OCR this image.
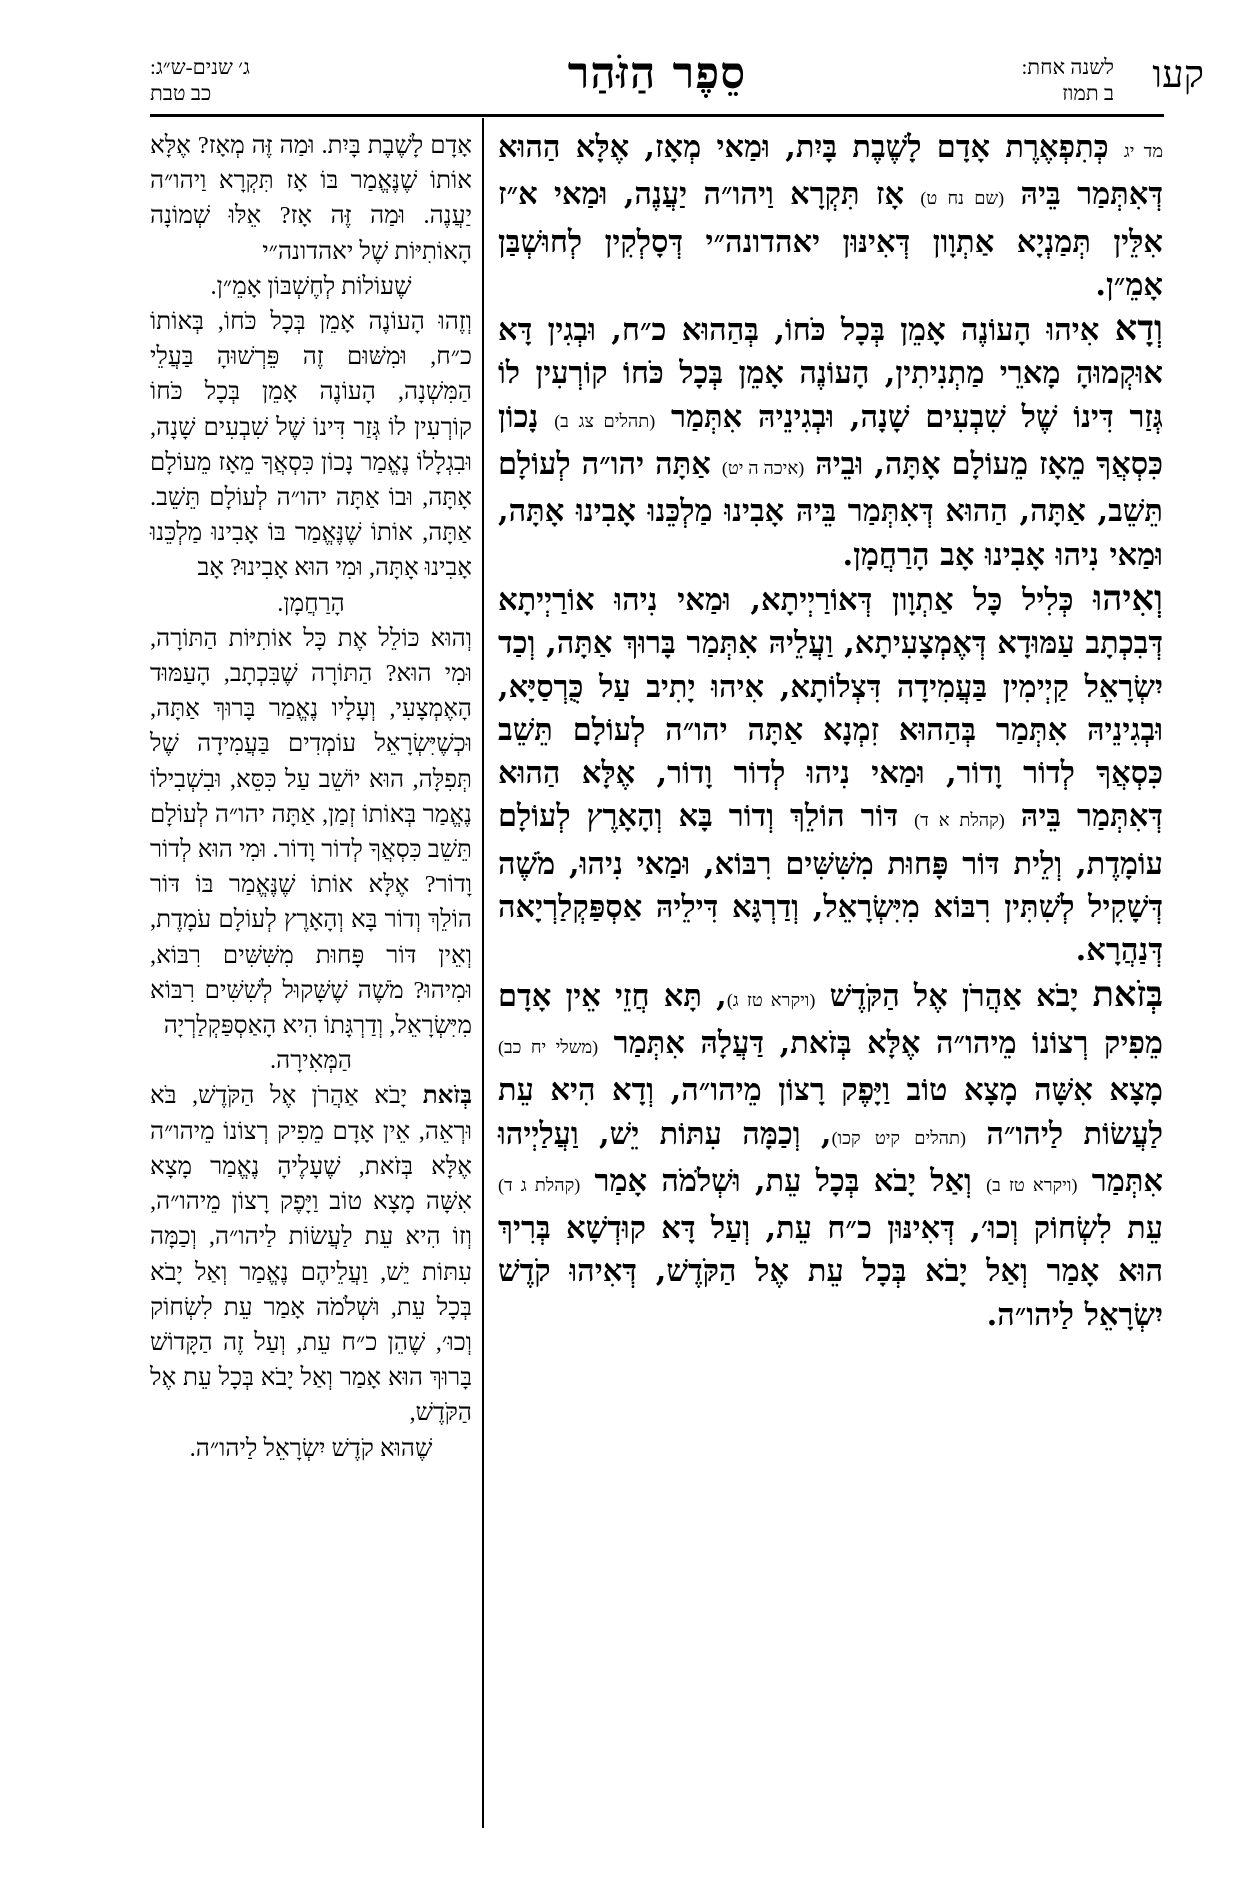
קעו
לשנה אחת:
ב תמוז
סֵפֶר הַזֹּהַר
ג׳ שנים-ש״ג:
כב טבת

מד יג כְּתִפְאֶרֶת אָדָם לָשֶׁבֶת בָּיִת, וּמַאי מְאָז, אֶלָּא הַהוּא דְּאִתְּמַר בֵּיהּ (שם נח ט) אָז תִּקְרָא וַיהו״ה יַעֲנֶה, וּמַאי א״ז אִלֵּין תְּמַנְיָא אַתְוָון דְּאִינּוּן יאהדונה״י דְּסָלְקִין לְחוּשְׁבַּן אָמֵ״ן.

וְדָא אִיהוּ הָעוֹנֶה אָמֵן בְּכָל כֹּחוֹ, בְּהַהוּא כ״ח, וּבְגִין דָּא אוּקְמוּהָ מָארֵי מַתְנִיתִין, הָעוֹנֶה אָמֵן בְּכָל כֹּחוֹ קוֹרְעִין לוֹ גְּזַר דִּינוֹ שֶׁל שִׁבְעִים שָׁנָה, וּבְגִינֵיהּ אִתְּמַר (תהלים צג ב) נָכוֹן כִּסְאֲךָ מֵאָז מֵעוֹלָם אָתָּה, וּבֵיהּ (איכה ה יט) אַתָּה יהו״ה לְעוֹלָם תֵּשֵׁב, אַתָּה, הַהוּא דְּאִתְּמַר בֵּיהּ אָבִינוּ מַלְכֵּנוּ אָבִינוּ אָתָּה, וּמַאי נִיהוּ אָבִינוּ אָב הָרַחֲמָן.

וְאִיהוּ כְּלִיל כָּל אַתְוָון דְּאוֹרַיְיתָא, וּמַאי נִיהוּ אוֹרַיְיתָא דְּבִכְתָב עַמּוּדָא דְּאֶמְצָעִיתָא, וַעֲלֵיהּ אִתְּמַר בָּרוּךְ אַתָּה, וְכַד יִשְׂרָאֵל קַיְימִין בַּעֲמִידָה דִּצְלוֹתָא, אִיהוּ יָתִיב עַל כֻּרְסַיָּא, וּבְגִינֵיהּ אִתְּמַר בְּהַהוּא זִמְנָא אַתָּה יהו״ה לְעוֹלָם תֵּשֵׁב כִּסְאֲךָ לְדוֹר וָדוֹר, וּמַאי נִיהוּ לְדוֹר וָדוֹר, אֶלָּא הַהוּא דְּאִתְּמַר בֵּיהּ (קהלת א ד) דּוֹר הוֹלֵךְ וְדוֹר בָּא וְהָאָרֶץ לְעוֹלָם עוֹמָדֶת, וְלֵית דּוֹר פָּחוּת מִשִּׁשִּׁים רִבּוֹא, וּמַאי נִיהוּ, מֹשֶׁה דְּשָׁקִיל לְשִׁתִּין רִבּוֹא מִיִּשְׂרָאֵל, וְדַרְגָּא דִּילֵיהּ אַסְפַּקְלַרְיָאה דְּנַהֲרָא.

בְּזֹאת יָבֹא אַהֲרֹן אֶל הַקֹּדֶשׁ (ויקרא טז ג), תָּא חֲזֵי אֵין אָדָם מֵפִיק רְצוֹנוֹ מֵיהו״ה אֶלָּא בְּזֹאת, דַּעֲלָהּ אִתְּמַר (משלי יח כב) מָצָא אִשָּׁה מָצָא טוֹב וַיָּפֶק רָצוֹן מֵיהו״ה, וְדָא הִיא עֵת לַעֲשׂוֹת לַיהו״ה (תהלים קיט קכו), וְכַמָּה עִתּוֹת יֵשׁ, וַעֲלַיְיהוּ אִתְּמַר (ויקרא טז ב) וְאַל יָבֹא בְּכָל עֵת, וּשְׁלֹמֹה אָמַר (קהלת ג ד) עֵת לִשְׂחוֹק וְכוּ׳, דְּאִינּוּן כ״ח עֵת, וְעַל דָּא קוּדְשָׁא בְּרִיךְ הוּא אָמַר וְאַל יָבֹא בְּכָל עֵת אֶל הַקֹּדֶשׁ, דְּאִיהוּ קֹדֶשׁ יִשְׂרָאֵל לַיהו״ה.

אָדָם לָשֶׁבֶת בָּיִת. וּמַה זֶּה מְאָז? אֶלָּא אוֹתוֹ שֶׁנֶּאֱמַר בּוֹ אָז תִּקְרָא וַיהו״ה יַעֲנֶה. וּמַה זֶּה אָז? אֵלּוּ שְׁמוֹנָה הָאוֹתִיּוֹת שֶׁל יאהדונה״י

שֶׁעוֹלוֹת לְחֶשְׁבּוֹן אָמֵ״ן.

וְזֶהוּ הָעוֹנֶה אָמֵן בְּכָל כֹּחוֹ, בְּאוֹתוֹ כ״ח, וּמִשּׁוּם זֶה פֵּרְשׁוּהָ בַּעֲלֵי הַמִּשְׁנָה, הָעוֹנֶה אָמֵן בְּכָל כֹּחוֹ קוֹרְעִין לוֹ גְּזַר דִּינוֹ שֶׁל שִׁבְעִים שָׁנָה, וּבִגְלָלוֹ נֶאֱמַר נָכוֹן כִּסְאֲךָ מֵאָז מֵעוֹלָם אָתָּה, וּבוֹ אַתָּה יהו״ה לְעוֹלָם תֵּשֵׁב. אַתָּה, אוֹתוֹ שֶׁנֶּאֱמַר בּוֹ אָבִינוּ מַלְכֵּנוּ אָבִינוּ אָתָּה, וּמִי הוּא אָבִינוּ? אָב

הָרַחֲמָן.

וְהוּא כּוֹלֵל אֶת כָּל אוֹתִיּוֹת הַתּוֹרָה, וּמִי הוּא? הַתּוֹרָה שֶׁבִּכְתָב, הָעַמּוּד הָאֶמְצָעִי, וְעָלָיו נֶאֱמַר בָּרוּךְ אַתָּה, וּכְשֶׁיִּשְׂרָאֵל עוֹמְדִים בַּעֲמִידָה שֶׁל תְּפִלָּה, הוּא יוֹשֵׁב עַל כִּסֵּא, וּבִשְׁבִילוֹ נֶאֱמַר בְּאוֹתוֹ זְמַן, אַתָּה יהו״ה לְעוֹלָם תֵּשֵׁב כִּסְאֲךָ לְדוֹר וָדוֹר. וּמִי הוּא לְדוֹר וָדוֹר? אֶלָּא אוֹתוֹ שֶׁנֶּאֱמַר בּוֹ דּוֹר הוֹלֵךְ וְדוֹר בָּא וְהָאָרֶץ לְעוֹלָם עֹמָדֶת, וְאֵין דּוֹר פָּחוּת מִשִּׁשִּׁים רִבּוֹא, וּמִיהוּ? מֹשֶׁה שֶׁשָּׁקוּל לְשִׁשִּׁים רִבּוֹא מִיִּשְׂרָאֵל, וְדַרְגָּתוֹ הִיא הָאַסְפַּקְלַרְיָה

הַמְּאִירָה.

בְּזֹאת יָבֹא אַהֲרֹן אֶל הַקֹּדֶשׁ, בֹּא וּרְאֵה, אֵין אָדָם מֵפִיק רְצוֹנוֹ מֵיהו״ה אֶלָּא בְּזֹאת, שֶׁעָלֶיהָ נֶאֱמַר מָצָא אִשָּׁה מָצָא טוֹב וַיָּפֶק רָצוֹן מֵיהו״ה, וְזוֹ הִיא עֵת לַעֲשׂוֹת לַיהו״ה, וְכַמָּה עִתּוֹת יֵשׁ, וַעֲלֵיהֶם נֶאֱמַר וְאַל יָבֹא בְּכָל עֵת, וּשְׁלֹמֹה אָמַר עֵת לִשְׂחוֹק וְכוּ׳, שֶׁהֵן כ״ח עֵת, וְעַל זֶה הַקָּדוֹשׁ בָּרוּךְ הוּא אָמַר וְאַל יָבֹא בְּכָל עֵת אֶל הַקֹּדֶשׁ,

שֶׁהוּא קֹדֶשׁ יִשְׂרָאֵל לַיהו״ה.
